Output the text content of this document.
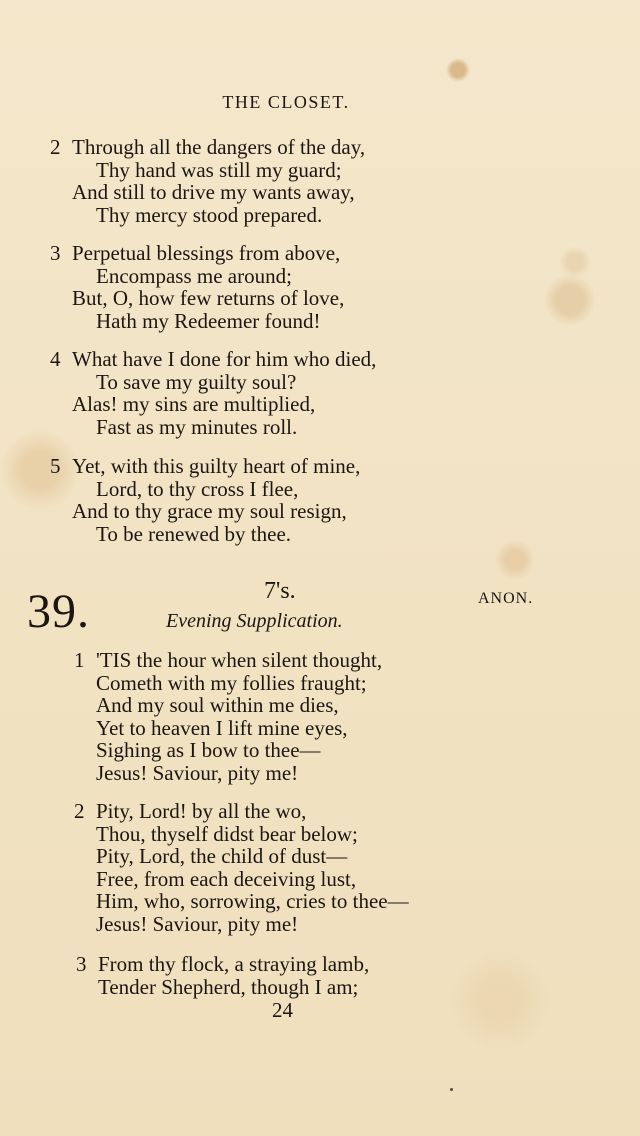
THE CLOSET.
2 Through all the dangers of the day,
Thy hand was still my guard;
And still to drive my wants away,
Thy mercy stood prepared.
3 Perpetual blessings from above,
Encompass me around;
But, O, how few returns of love,
Hath my Redeemer found!
4 What have I done for him who died,
To save my guilty soul?
Alas! my sins are multiplied,
Fast as my minutes roll.
5 Yet, with this guilty heart of mine,
Lord, to thy cross I flee,
And to thy grace my soul resign,
To be renewed by thee.
39.	7's.	ANON.
Evening Supplication.
1 'TIS the hour when silent thought,
Cometh with my follies fraught;
And my soul within me dies,
Yet to heaven I lift mine eyes,
Sighing as I bow to thee—
Jesus! Saviour, pity me!
2 Pity, Lord! by all the wo,
Thou, thyself didst bear below;
Pity, Lord, the child of dust—
Free, from each deceiving lust,
Him, who, sorrowing, cries to thee—
Jesus! Saviour, pity me!
3 From thy flock, a straying lamb,
Tender Shepherd, though I am;
24
